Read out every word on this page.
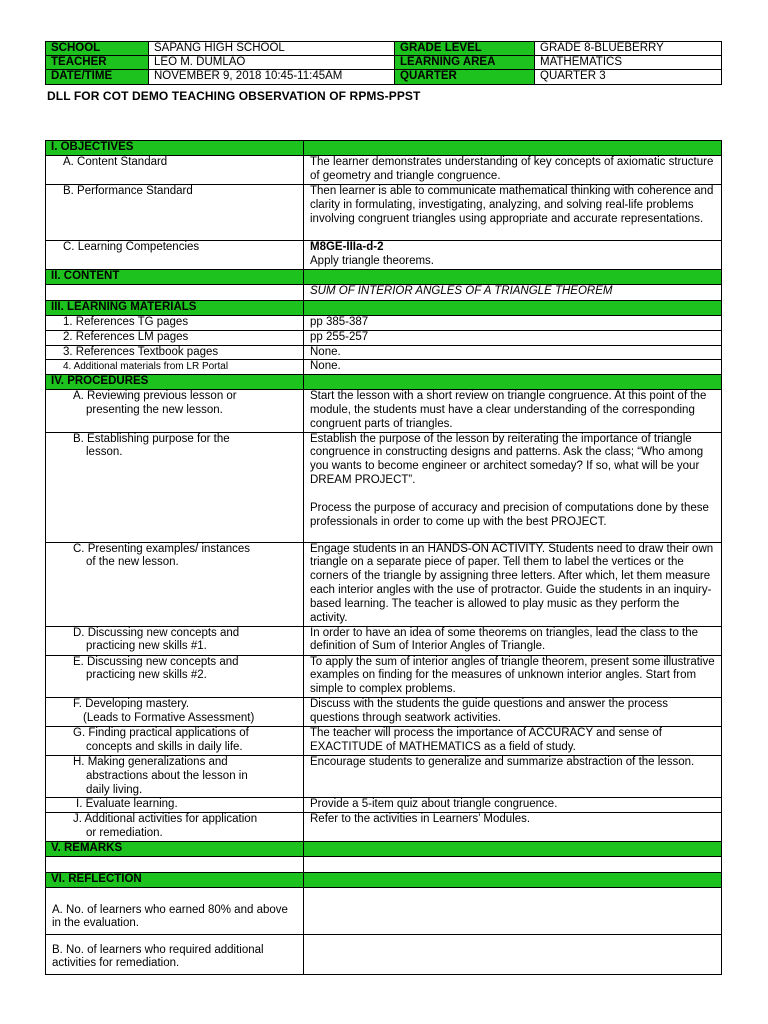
SCHOOL	SAPANG HIGH SCHOOL	GRADE LEVEL	GRADE 8-BLUEBERRY
TEACHER	LEO M. DUMLAO	LEARNING AREA	MATHEMATICS
DATE/TIME	NOVEMBER 9, 2018 10:45-11:45AM	QUARTER	QUARTER 3
DLL FOR COT DEMO TEACHING OBSERVATION OF RPMS-PPST
I. OBJECTIVES	
A. Content Standard	The learner demonstrates understanding of key concepts of axiomatic structure of geometry and triangle congruence.
B. Performance Standard	Then learner is able to communicate mathematical thinking with coherence and clarity in formulating, investigating, analyzing, and solving real-life problems involving congruent triangles using appropriate and accurate representations.
C. Learning Competencies	M8GE-IIIa-d-2
Apply triangle theorems.

II. CONTENT	
	SUM OF INTERIOR ANGLES OF A TRIANGLE THEOREM
III. LEARNING MATERIALS	
1. References TG pages	pp 385-387
2. References LM pages	pp 255-257
3. References Textbook pages	None.
4. Additional materials from LR Portal	None.
IV. PROCEDURES	

A. Reviewing previous lesson or
presenting the new lesson.	Start the lesson with a short review on triangle congruence. At this point of the module, the students must have a clear understanding of the corresponding congruent parts of triangles.

B. Establishing purpose for the
lesson.	Establish the purpose of the lesson by reiterating the importance of triangle congruence in constructing designs and patterns. Ask the class; “Who among you wants to become engineer or architect someday? If so, what will be your DREAM PROJECT”.
Process the purpose of accuracy and precision of computations done by these professionals in order to come up with the best PROJECT.

C. Presenting examples/ instances
of the new lesson.	Engage students in an HANDS-ON ACTIVITY. Students need to draw their own triangle on a separate piece of paper. Tell them to label the vertices or the corners of the triangle by assigning three letters. After which, let them measure each interior angles with the use of protractor. Guide the students in an inquiry-based learning. The teacher is allowed to play music as they perform the activity.

D. Discussing new concepts and
practicing new skills #1.	In order to have an idea of some theorems on triangles, lead the class to the definition of Sum of Interior Angles of Triangle.

E. Discussing new concepts and
practicing new skills #2.	To apply the sum of interior angles of triangle theorem, present some illustrative examples on finding for the measures of unknown interior angles. Start from simple to complex problems.

F. Developing mastery.
(Leads to Formative Assessment)	Discuss with the students the guide questions and answer the process questions through seatwork activities.

G. Finding practical applications of
concepts and skills in daily life.	The teacher will process the importance of ACCURACY and sense of EXACTITUDE of MATHEMATICS as a field of study.

H. Making generalizations and
abstractions about the lesson in
daily living.	Encourage students to generalize and summarize abstraction of the lesson.
I. Evaluate learning.	Provide a 5-item quiz about triangle congruence.

J. Additional activities for application
or remediation.	Refer to the activities in Learners’ Modules.
V. REMARKS	

VI. REFLECTION	
A. No. of learners who earned 80% and above in the evaluation.	
B. No. of learners who required additional activities for remediation.	
